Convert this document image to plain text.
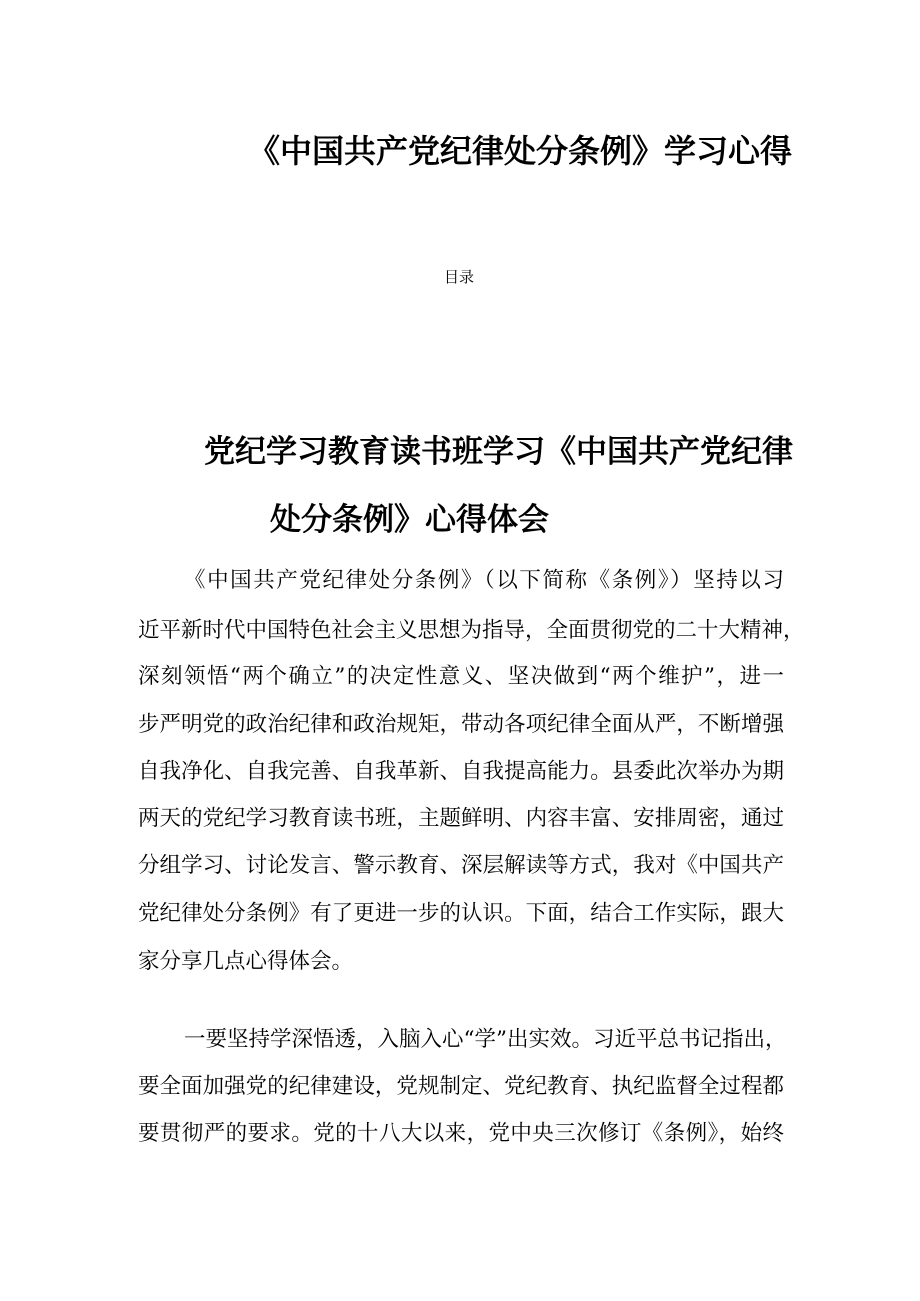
《中国共产党纪律处分条例》学习心得
目录
党纪学习教育读书班学习《中国共产党纪律
处分条例》心得体会

《中国共产党纪律处分条例》（以下简称《条例》）坚持以习

近平新时代中国特色社会主义思想为指导，全面贯彻党的二十大精神，

深刻领悟“两个确立”的决定性意义、坚决做到“两个维护”，进一

步严明党的政治纪律和政治规矩，带动各项纪律全面从严，不断增强

自我净化、自我完善、自我革新、自我提高能力。县委此次举办为期

两天的党纪学习教育读书班，主题鲜明、内容丰富、安排周密，通过

分组学习、讨论发言、警示教育、深层解读等方式，我对《中国共产

党纪律处分条例》有了更进一步的认识。下面，结合工作实际，跟大

家分享几点心得体会。

一要坚持学深悟透，入脑入心“学”出实效。习近平总书记指出，

要全面加强党的纪律建设，党规制定、党纪教育、执纪监督全过程都

要贯彻严的要求。党的十八大以来，党中央三次修订《条例》，始终
